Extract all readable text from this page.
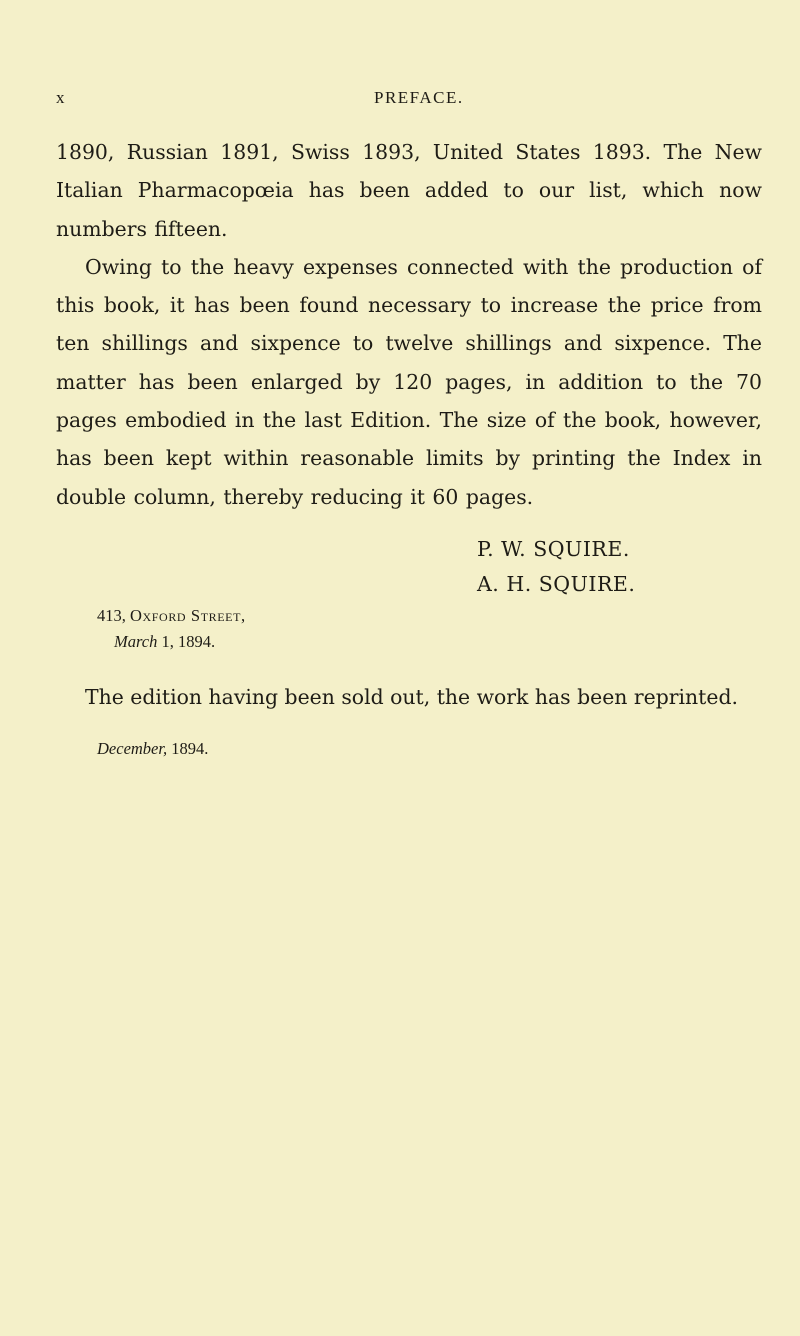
x	PREFACE.

1890, Russian 1891, Swiss 1893, United States 1893. The New Italian Pharmacopœia has been added to our list, which now numbers fifteen.

Owing to the heavy expenses connected with the production of this book, it has been found necessary to increase the price from ten shillings and sixpence to twelve shillings and sixpence. The matter has been enlarged by 120 pages, in addition to the 70 pages embodied in the last Edition. The size of the book, however, has been kept within reasonable limits by printing the Index in double column, thereby reducing it 60 pages.

P. W. SQUIRE.
A. H. SQUIRE.
413, Oxford Street,
March 1, 1894.
The edition having been sold out, the work has been reprinted.
December, 1894.
